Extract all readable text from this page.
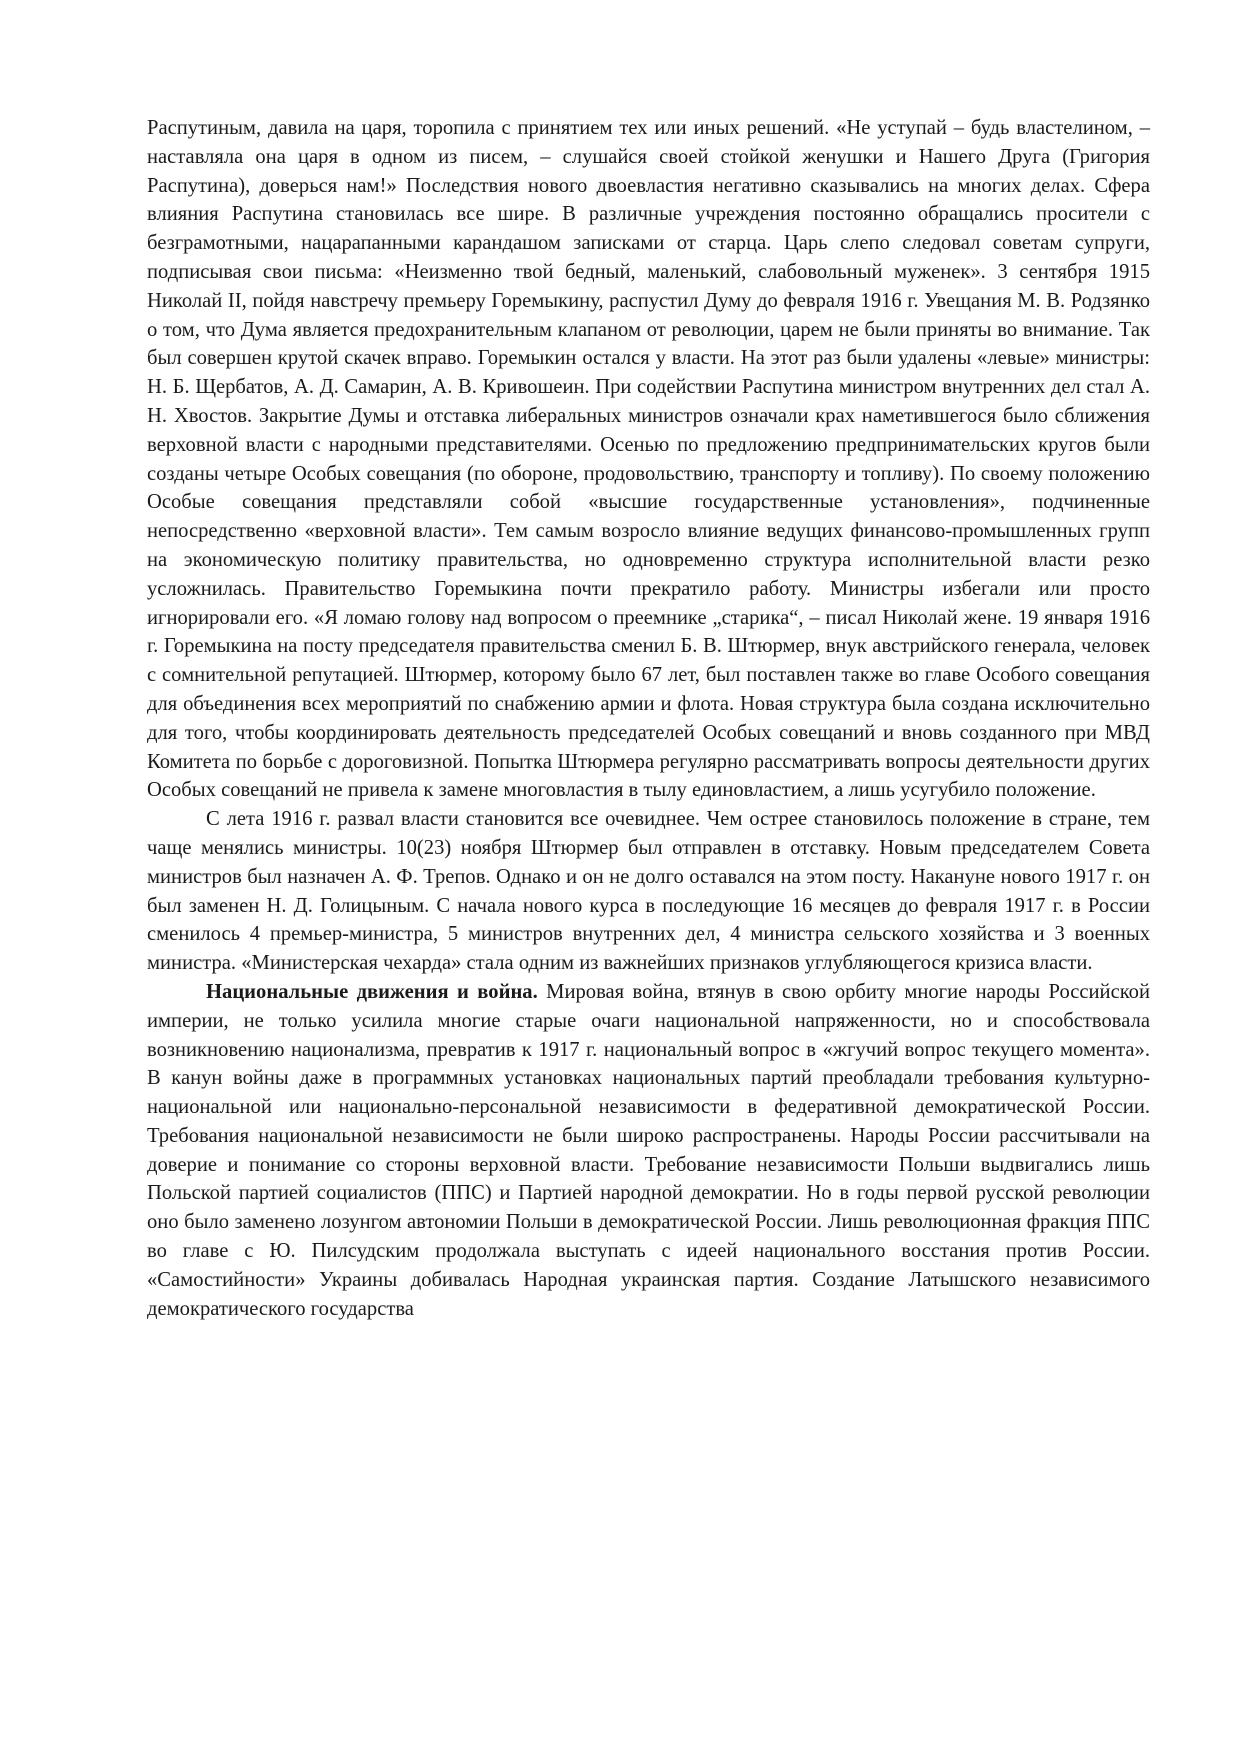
Распутиным, давила на царя, торопила с принятием тех или иных решений. «Не уступай – будь властелином, – наставляла она царя в одном из писем, – слушайся своей стойкой женушки и Нашего Друга (Григория Распутина), доверься нам!» Последствия нового двоевластия негативно сказывались на многих делах. Сфера влияния Распутина становилась все шире. В различные учреждения постоянно обращались просители с безграмотными, нацарапанными карандашом записками от старца. Царь слепо следовал советам супруги, подписывая свои письма: «Неизменно твой бедный, маленький, слабовольный муженек». 3 сентября 1915 Николай II, пойдя навстречу премьеру Горемыкину, распустил Думу до февраля 1916 г. Увещания М. В. Родзянко о том, что Дума является предохранительным клапаном от революции, царем не были приняты во внимание. Так был совершен крутой скачек вправо. Горемыкин остался у власти. На этот раз были удалены «левые» министры: Н. Б. Щербатов, А. Д. Самарин, А. В. Кривошеин. При содействии Распутина министром внутренних дел стал А. Н. Хвостов. Закрытие Думы и отставка либеральных министров означали крах наметившегося было сближения верховной власти с народными представителями. Осенью по предложению предпринимательских кругов были созданы четыре Особых совещания (по обороне, продовольствию, транспорту и топливу). По своему положению Особые совещания представляли собой «высшие государственные установления», подчиненные непосредственно «верховной власти». Тем самым возросло влияние ведущих финансово-промышленных групп на экономическую политику правительства, но одновременно структура исполнительной власти резко усложнилась. Правительство Горемыкина почти прекратило работу. Министры избегали или просто игнорировали его. «Я ломаю голову над вопросом о преемнике „старика“, – писал Николай жене. 19 января 1916 г. Горемыкина на посту председателя правительства сменил Б. В. Штюрмер, внук австрийского генерала, человек с сомнительной репутацией. Штюрмер, которому было 67 лет, был поставлен также во главе Особого совещания для объединения всех мероприятий по снабжению армии и флота. Новая структура была создана исключительно для того, чтобы координировать деятельность председателей Особых совещаний и вновь созданного при МВД Комитета по борьбе с дороговизной. Попытка Штюрмера регулярно рассматривать вопросы деятельности других Особых совещаний не привела к замене многовластия в тылу единовластием, а лишь усугубило положение.

С лета 1916 г. развал власти становится все очевиднее. Чем острее становилось положение в стране, тем чаще менялись министры. 10(23) ноября Штюрмер был отправлен в отставку. Новым председателем Совета министров был назначен А. Ф. Трепов. Однако и он не долго оставался на этом посту. Накануне нового 1917 г. он был заменен Н. Д. Голицыным. С начала нового курса в последующие 16 месяцев до февраля 1917 г. в России сменилось 4 премьер-министра, 5 министров внутренних дел, 4 министра сельского хозяйства и 3 военных министра. «Министерская чехарда» стала одним из важнейших признаков углубляющегося кризиса власти.

Национальные движения и война. Мировая война, втянув в свою орбиту многие народы Российской империи, не только усилила многие старые очаги национальной напряженности, но и способствовала возникновению национализма, превратив к 1917 г. национальный вопрос в «жгучий вопрос текущего момента». В канун войны даже в программных установках национальных партий преобладали требования культурно-национальной или национально-персональной независимости в федеративной демократической России. Требования национальной независимости не были широко распространены. Народы России рассчитывали на доверие и понимание со стороны верховной власти. Требование независимости Польши выдвигались лишь Польской партией социалистов (ППС) и Партией народной демократии. Но в годы первой русской революции оно было заменено лозунгом автономии Польши в демократической России. Лишь революционная фракция ППС во главе с Ю. Пилсудским продолжала выступать с идеей национального восстания против России. «Самостийности» Украины добивалась Народная украинская партия. Создание Латышского независимого демократического государства
